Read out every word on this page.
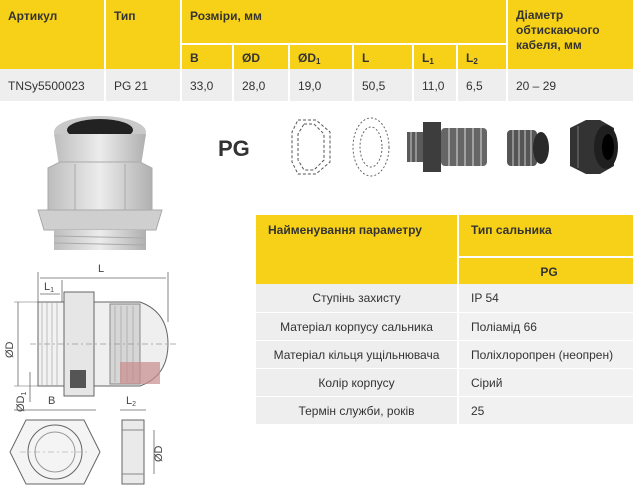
Артикул	Тип	Розміри, мм						Діаметр обтискаючого кабеля, мм
		B	ØD	$ØD_1$	L	$L_1$	$L_2$
TNSy5500023	PG 21	33,0	28,0	19,0	50,5	11,0	6,5	20 – 29
PG
L
L1
ØD
ØD1
B	L2
ØD
Найменування параметру	Тип сальника
	PG
Ступінь захисту	IP 54
Матеріал корпусу сальника	Поліамід 66
Матеріал кільця ущільнювача	Поліхлоропрен (неопрен)
Колір корпусу	Сірий
Термін служби, років	25
